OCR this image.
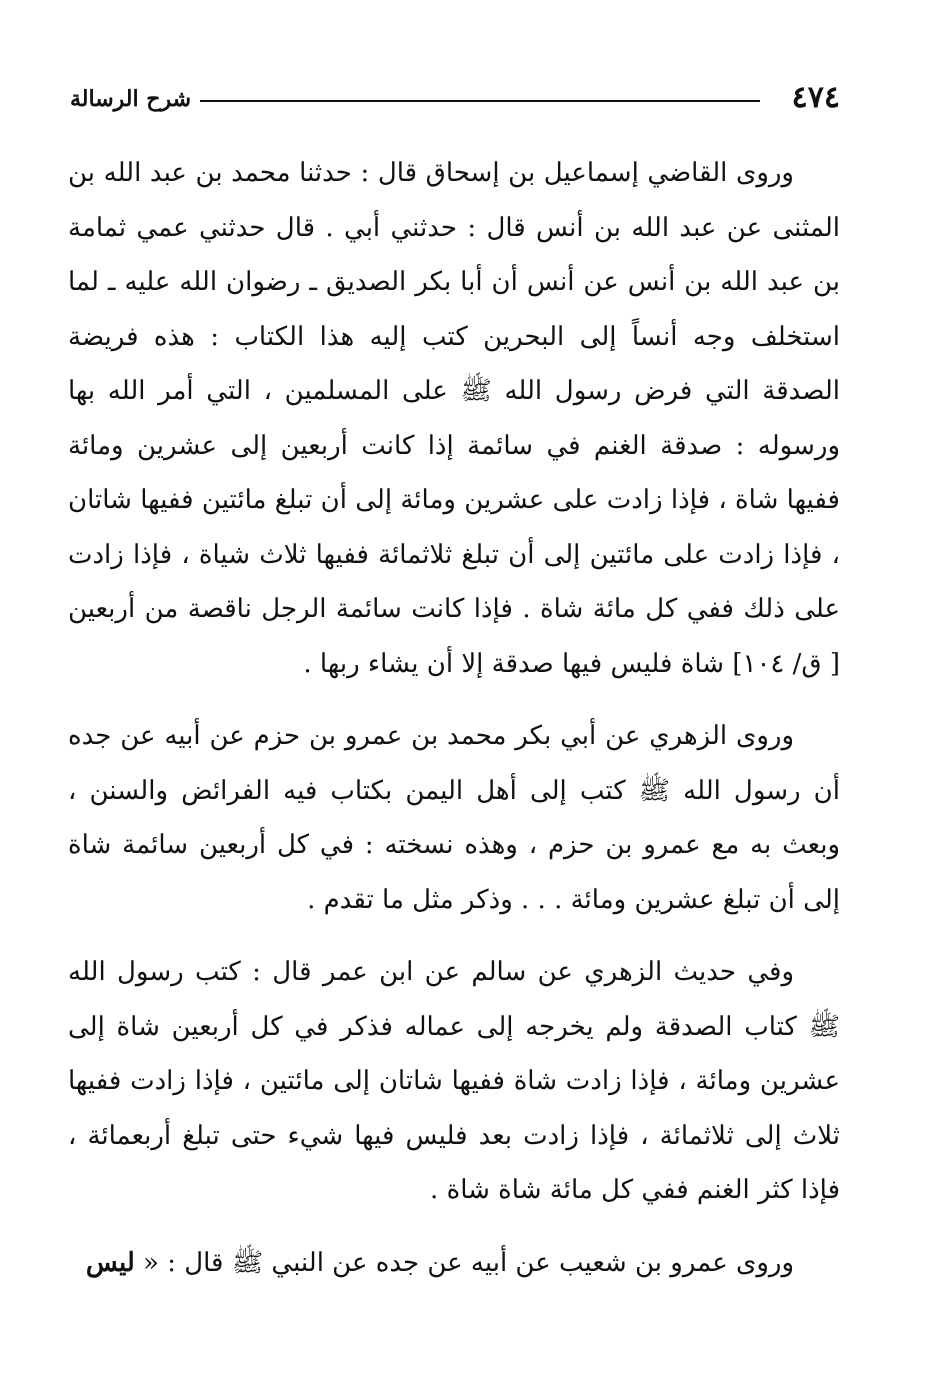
٤٧٤
شرح الرسالة

وروى القاضي إسماعيل بن إسحاق قال : حدثنا محمد بن عبد الله بن المثنى عن عبد الله بن أنس قال : حدثني أبي . قال حدثني عمي ثمامة بن عبد الله بن أنس عن أنس أن أبا بكر الصديق ـ رضوان الله عليه ـ لما استخلف وجه أنساً إلى البحرين كتب إليه هذا الكتاب : هذه فريضة الصدقة التي فرض رسول الله ﷺ على المسلمين ، التي أمر الله بها ورسوله : صدقة الغنم في سائمة إذا كانت أربعين إلى عشرين ومائة ففيها شاة ، فإذا زادت على عشرين ومائة إلى أن تبلغ مائتين ففيها شاتان ، فإذا زادت على مائتين إلى أن تبلغ ثلاثمائة ففيها ثلاث شياة ، فإذا زادت على ذلك ففي كل مائة شاة . فإذا كانت سائمة الرجل ناقصة من أربعين [ ق/ ١٠٤] شاة فليس فيها صدقة إلا أن يشاء ربها .

وروى الزهري عن أبي بكر محمد بن عمرو بن حزم عن أبيه عن جده أن رسول الله ﷺ كتب إلى أهل اليمن بكتاب فيه الفرائض والسنن ، وبعث به مع عمرو بن حزم ، وهذه نسخته : في كل أربعين سائمة شاة إلى أن تبلغ عشرين ومائة . . . وذكر مثل ما تقدم .

وفي حديث الزهري عن سالم عن ابن عمر قال : كتب رسول الله ﷺ كتاب الصدقة ولم يخرجه إلى عماله فذكر في كل أربعين شاة إلى عشرين ومائة ، فإذا زادت شاة ففيها شاتان إلى مائتين ، فإذا زادت ففيها ثلاث إلى ثلاثمائة ، فإذا زادت بعد فليس فيها شيء حتى تبلغ أربعمائة ، فإذا كثر الغنم ففي كل مائة شاة شاة .

وروى عمرو بن شعيب عن أبيه عن جده عن النبي ﷺ قال : « ليس
